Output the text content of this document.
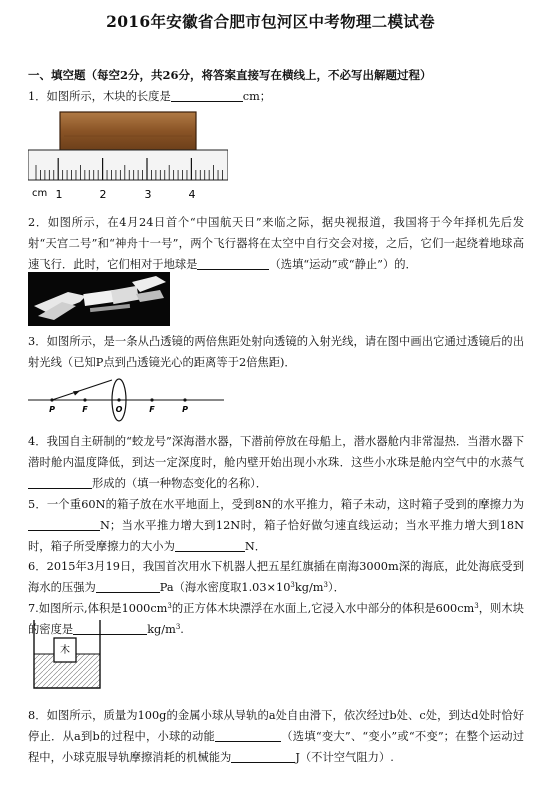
2016年安徽省合肥市包河区中考物理二模试卷
一、填空题（每空2分，共26分，将答案直接写在横线上，不必写出解题过程）
1．如图所示，木块的长度是	cm；
cm 1	2	3	4
2．如图所示，在4月24日首个“中国航天日”来临之际，据央视报道，我国将于今年择机先后发射“天宫二号”和“神舟十一号”，两个飞行器将在太空中自行交会对接，之后，它们一起绕着地球高速飞行．此时，它们相对于地球是	（选填“运动”或“静止”）的．
3．如图所示，是一条从凸透镜的两倍焦距处射向透镜的入射光线，请在图中画出它通过透镜后的出射光线（已知P点到凸透镜光心的距离等于2倍焦距)．
P	F	O	F	P
4．我国自主研制的“蛟龙号”深海潜水器，下潜前停放在母船上，潜水器舱内非常湿热．当潜水器下潜时舱内温度降低，到达一定深度时，舱内壁开始出现小水珠．这些小水珠是舱内空气中的水蒸气形成的（填一种物态变化的名称）．
5．一个重60N的箱子放在水平地面上，受到8N的水平推力，箱子未动，这时箱子受到的摩擦力为N；当水平推力增大到12N时，箱子恰好做匀速直线运动；当水平推力增大到18N时，箱子所受摩擦力的大小为	N．
6．2015年3月19日，我国首次用水下机器人把五星红旗插在南海3000m深的海底，此处海底受到海水的压强为	Pa（海水密度取$1.03\times 10^3kg/m^3$）．
7.如图所示,体积是$1000cm^3$的正方体木块漂浮在水面上,它浸入水中部分的体积是$600cm^3$，则木块的密度是	$kg/m^3$.
木
8．如图所示，质量为100g的金属小球从导轨的a处自由滑下，依次经过b处、c处，到达d处时恰好停止．从a到b的过程中，小球的动能	（选填“变大”、“变小”或“不变”；在整个运动过程中，小球克服导轨摩擦消耗的机械能为	J（不计空气阻力）.
